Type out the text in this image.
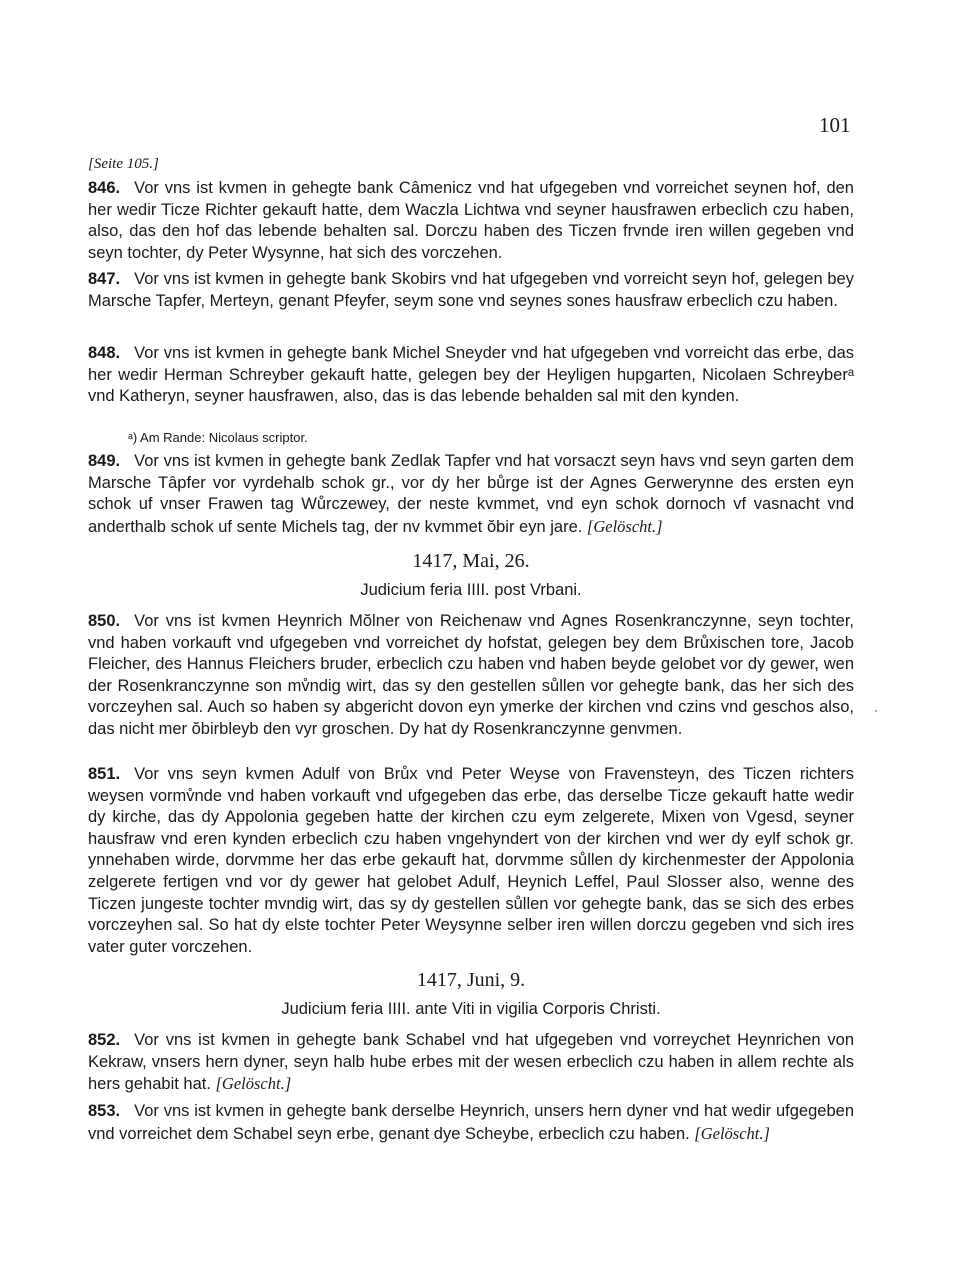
101
[Seite 105.]

846. Vor vns ist kvmen in gehegte bank Câmenicz vnd hat ufgegeben vnd vorreichet seynen hof, den her wedir Ticze Richter gekauft hatte, dem Waczla Lichtwa vnd seyner hausfrawen erbeclich czu haben, also, das den hof das lebende behalten sal. Dorczu haben des Ticzen frvnde iren willen gegeben vnd seyn tochter, dy Peter Wysynne, hat sich des vorczehen.

847. Vor vns ist kvmen in gehegte bank Skobirs vnd hat ufgegeben vnd vorreicht seyn hof, gelegen bey Marsche Tapfer, Merteyn, genant Pfeyfer, seym sone vnd seynes sones hausfraw erbeclich czu haben.

848. Vor vns ist kvmen in gehegte bank Michel Sneyder vnd hat ufgegeben vnd vorreicht das erbe, das her wedir Herman Schreyber gekauft hatte, gelegen bey der Heyligen hupgarten, Nicolaen Schreyberᵃ vnd Katheryn, seyner hausfrawen, also, das is das lebende behalden sal mit den kynden.

ᵃ) Am Rande: Nicolaus scriptor.

849. Vor vns ist kvmen in gehegte bank Zedlak Tapfer vnd hat vorsaczt seyn havs vnd seyn garten dem Marsche Tâpfer vor vyrdehalb schok gr., vor dy her bůrge ist der Agnes Gerwerynne des ersten eyn schok uf vnser Frawen tag Wůrczewey, der neste kvmmet, vnd eyn schok dornoch vf vasnacht vnd anderthalb schok uf sente Michels tag, der nv kvmmet ŏbir eyn jare. [Gelöscht.]

1417, Mai, 26.
Judicium feria IIII. post Vrbani.

850. Vor vns ist kvmen Heynrich Mŏlner von Reichenaw vnd Agnes Rosenkranczynne, seyn tochter, vnd haben vorkauft vnd ufgegeben vnd vorreichet dy hofstat, gelegen bey dem Brůxischen tore, Jacob Fleicher, des Hannus Fleichers bruder, erbeclich czu haben vnd haben beyde gelobet vor dy gewer, wen der Rosenkranczynne son mv̊ndig wirt, das sy den gestellen sůllen vor gehegte bank, das her sich des vorczeyhen sal. Auch so haben sy abgericht dovon eyn ymerke der kirchen vnd czins vnd geschos also, das nicht mer ŏbirbleyb den vyr groschen. Dy hat dy Rosenkranczynne genvmen.

·

851. Vor vns seyn kvmen Adulf von Brůx vnd Peter Weyse von Fravensteyn, des Ticzen richters weysen vormv̊nde vnd haben vorkauft vnd ufgegeben das erbe, das derselbe Ticze gekauft hatte wedir dy kirche, das dy Appolonia gegeben hatte der kirchen czu eym zelgerete, Mixen von Vgesd, seyner hausfraw vnd eren kynden erbeclich czu haben vngehyndert von der kirchen vnd wer dy eylf schok gr. ynnehaben wirde, dorvmme her das erbe gekauft hat, dorvmme sůllen dy kirchenmester der Appolonia zelgerete fertigen vnd vor dy gewer hat gelobet Adulf, Heynich Leffel, Paul Slosser also, wenne des Ticzen jungeste tochter mvndig wirt, das sy dy gestellen sůllen vor gehegte bank, das se sich des erbes vorczeyhen sal. So hat dy elste tochter Peter Weysynne selber iren willen dorczu gegeben vnd sich ires vater guter vorczehen.

1417, Juni, 9.
Judicium feria IIII. ante Viti in vigilia Corporis Christi.

852. Vor vns ist kvmen in gehegte bank Schabel vnd hat ufgegeben vnd vorreychet Heynrichen von Kekraw, vnsers hern dyner, seyn halb hube erbes mit der wesen erbeclich czu haben in allem rechte als hers gehabit hat. [Gelöscht.]

853. Vor vns ist kvmen in gehegte bank derselbe Heynrich, unsers hern dyner vnd hat wedir ufgegeben vnd vorreichet dem Schabel seyn erbe, genant dye Scheybe, erbeclich czu haben. [Gelöscht.]
